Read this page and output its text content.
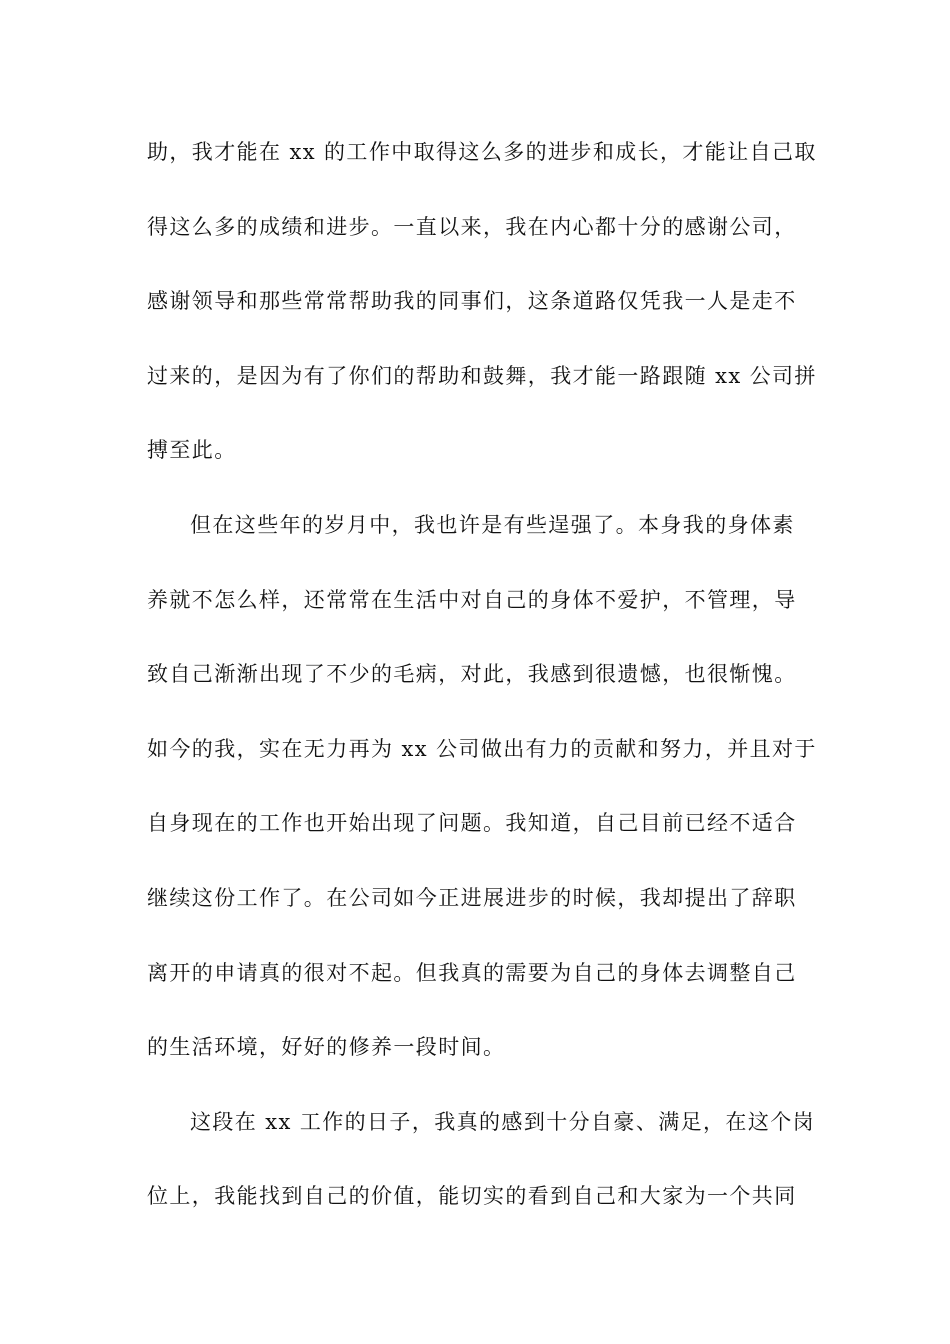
助，我才能在 xx 的工作中取得这么多的进步和成长，才能让自己取
得这么多的成绩和进步。一直以来，我在内心都十分的感谢公司，
感谢领导和那些常常帮助我的同事们，这条道路仅凭我一人是走不
过来的，是因为有了你们的帮助和鼓舞，我才能一路跟随 xx 公司拼
搏至此。
但在这些年的岁月中，我也许是有些逞强了。本身我的身体素
养就不怎么样，还常常在生活中对自己的身体不爱护，不管理，导
致自己渐渐出现了不少的毛病，对此，我感到很遗憾，也很惭愧。
如今的我，实在无力再为 xx 公司做出有力的贡献和努力，并且对于
自身现在的工作也开始出现了问题。我知道，自己目前已经不适合
继续这份工作了。在公司如今正进展进步的时候，我却提出了辞职
离开的申请真的很对不起。但我真的需要为自己的身体去调整自己
的生活环境，好好的修养一段时间。
这段在 xx 工作的日子，我真的感到十分自豪、满足，在这个岗
位上，我能找到自己的价值，能切实的看到自己和大家为一个共同
